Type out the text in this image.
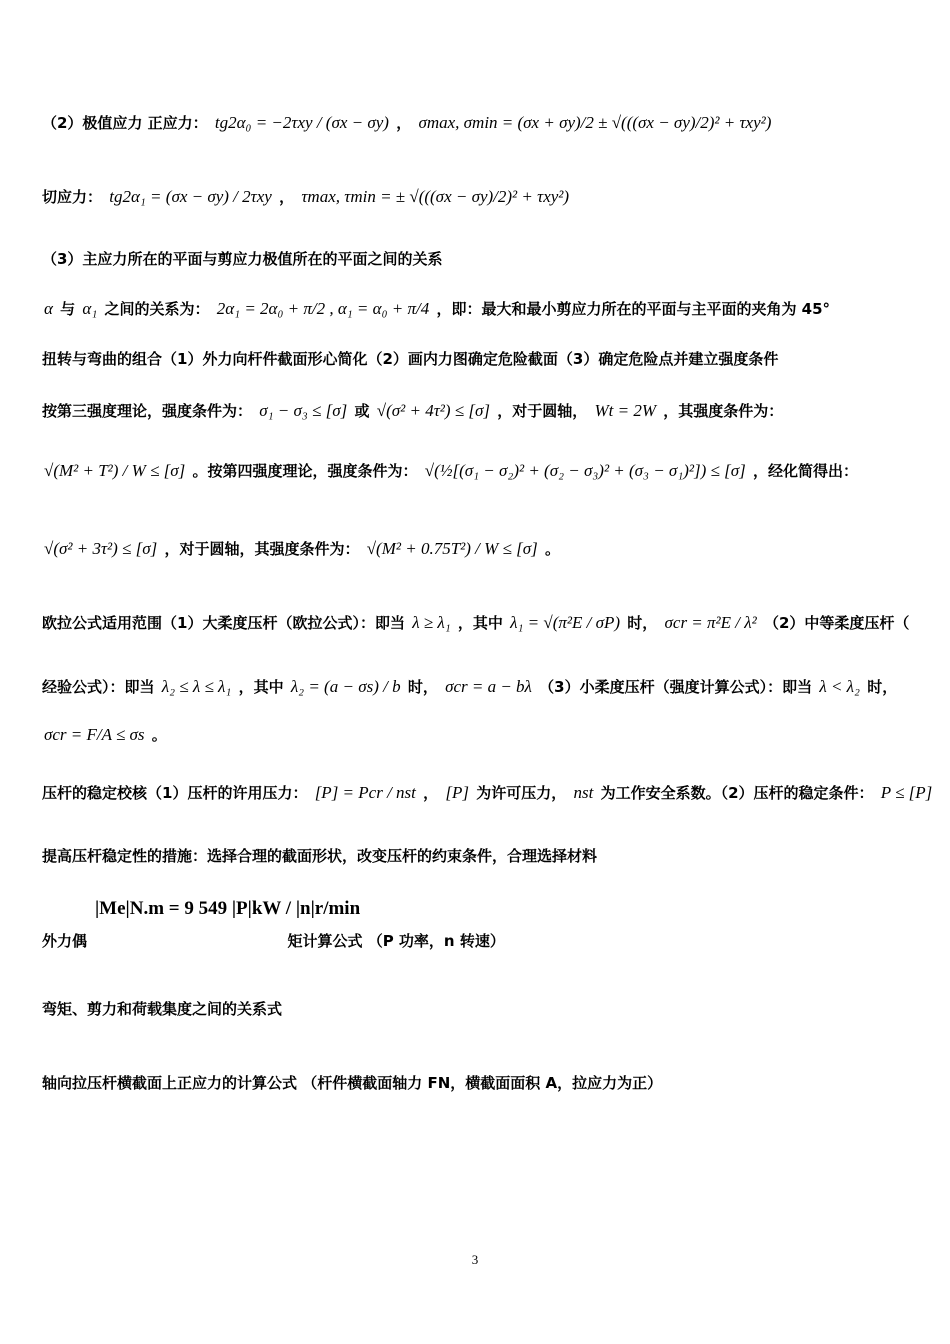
（2）极值应力 正应力： tg2α₀ = −2τxy / (σx − σy) ， σmax, σmin = (σx + σy)/2 ± √(((σx − σy)/2)² + τxy²)
切应力： tg2α₁ = (σx − σy) / 2τxy ， τmax, τmin = ± √(((σx − σy)/2)² + τxy²)
（3）主应力所在的平面与剪应力极值所在的平面之间的关系
α 与 α₁ 之间的关系为： 2α₁ = 2α₀ + π/2 , α₁ = α₀ + π/4 ，即：最大和最小剪应力所在的平面与主平面的夹角为 45°
扭转与弯曲的组合（1）外力向杆件截面形心简化（2）画内力图确定危险截面（3）确定危险点并建立强度条件
按第三强度理论，强度条件为： σ₁ − σ₃ ≤ [σ] 或 √(σ² + 4τ²) ≤ [σ] ，对于圆轴， Wt = 2W ，其强度条件为：
√(M² + T²) / W ≤ [σ] 。按第四强度理论，强度条件为： √(½[(σ₁ − σ₂)² + (σ₂ − σ₃)² + (σ₃ − σ₁)²]) ≤ [σ] ，经化简得出：
√(σ² + 3τ²) ≤ [σ] ，对于圆轴，其强度条件为： √(M² + 0.75T²) / W ≤ [σ] 。
欧拉公式适用范围（1）大柔度压杆（欧拉公式）：即当 λ ≥ λ₁ ，其中 λ₁ = √(π²E / σP) 时， σcr = π²E / λ² （2）中等柔度压杆（
经验公式）：即当 λ₂ ≤ λ ≤ λ₁ ，其中 λ₂ = (a − σs) / b 时， σcr = a − bλ （3）小柔度压杆（强度计算公式）：即当 λ < λ₂ 时，
σcr = F/A ≤ σs 。
压杆的稳定校核（1）压杆的许用压力： [P] = Pcr / nst ， [P] 为许可压力， nst 为工作安全系数。（2）压杆的稳定条件： P ≤ [P]
提高压杆稳定性的措施：选择合理的截面形状，改变压杆的约束条件，合理选择材料
|Me|N.m = 9 549 |P|kW / |n|r/min
外力偶	矩计算公式 （P 功率，n 转速）
弯矩、剪力和荷载集度之间的关系式
轴向拉压杆横截面上正应力的计算公式 （杆件横截面轴力 FN，横截面面积 A，拉应力为正）
3
